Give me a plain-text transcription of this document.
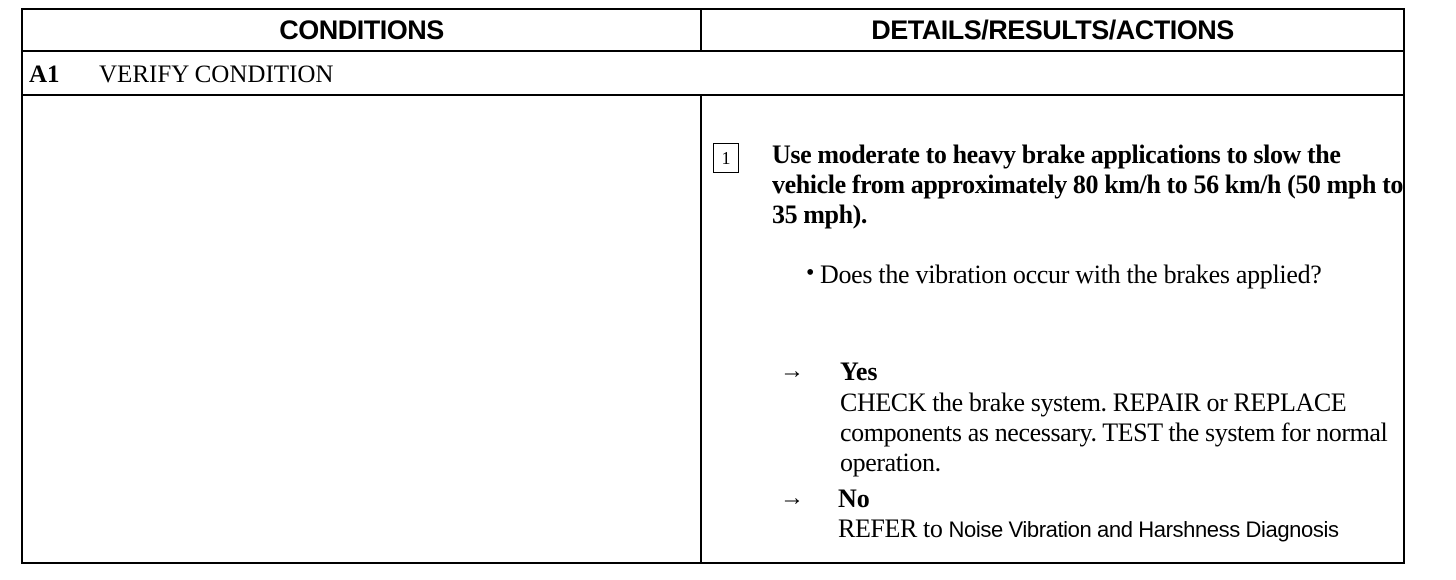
CONDITIONS	DETAILS/RESULTS/ACTIONS
A1 VERIFY CONDITION
1	Use moderate to heavy brake applications to slow the vehicle from approximately 80 km/h to 56 km/h (50 mph to 35 mph).
• Does the vibration occur with the brakes applied?
→ Yes
CHECK the brake system. REPAIR or REPLACE components as necessary. TEST the system for normal operation.
→ No
REFER to Noise Vibration and Harshness Diagnosis
